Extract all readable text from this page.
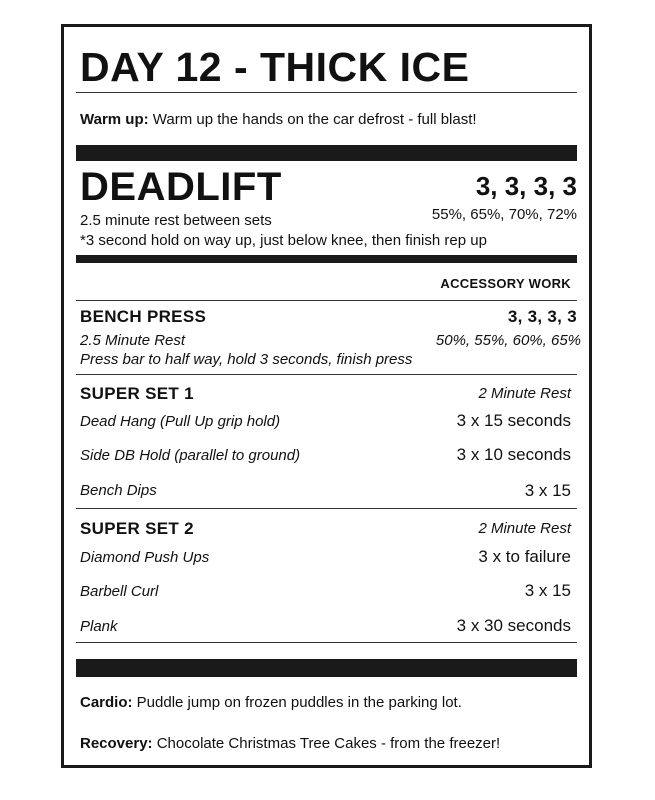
DAY 12 - THICK ICE
Warm up: Warm up the hands on the car defrost - full blast!
DEADLIFT	3, 3, 3, 3
55%, 65%, 70%, 72%
2.5 minute rest between sets
*3 second hold on way up, just below knee, then finish rep up
ACCESSORY WORK
BENCH PRESS	3, 3, 3, 3
2.5 Minute Rest	50%, 55%, 60%, 65%
Press bar to half way, hold 3 seconds, finish press
SUPER SET 1	2 Minute Rest
Dead Hang (Pull Up grip hold)	3 x 15 seconds
Side DB Hold (parallel to ground)	3 x 10 seconds
Bench Dips	3 x 15
SUPER SET 2	2 Minute Rest
Diamond Push Ups	3 x to failure
Barbell Curl	3 x 15
Plank	3 x 30 seconds
Cardio: Puddle jump on frozen puddles in the parking lot.
Recovery: Chocolate Christmas Tree Cakes - from the freezer!
